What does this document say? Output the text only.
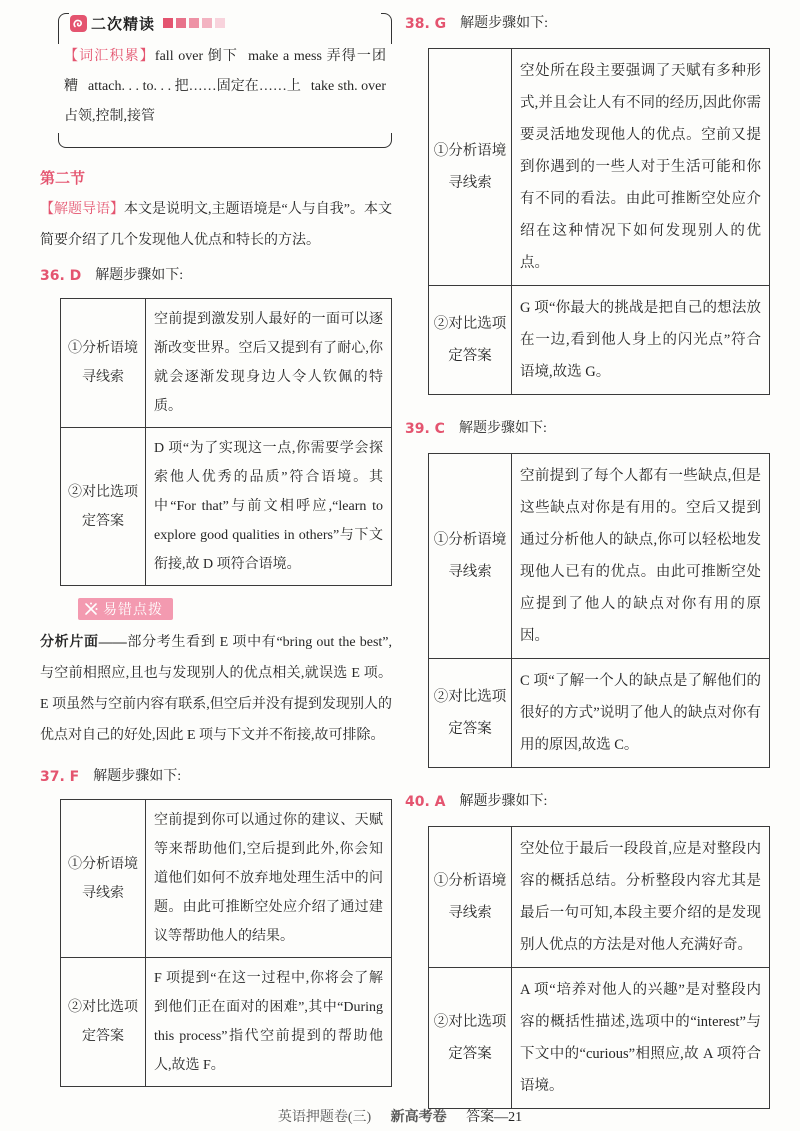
二次精读
【词汇积累】fall over 倒下 make a mess 弄得一团糟 attach. . . to. . . 把……固定在……上 take sth. over 占领,控制,接管
第二节
【解题导语】本文是说明文,主题语境是“人与自我”。本文简要介绍了几个发现他人优点和特长的方法。
36. D 解题步骤如下:
①分析语境
寻线索	空前提到激发别人最好的一面可以逐渐改变世界。空后又提到有了耐心,你就会逐渐发现身边人令人钦佩的特质。

②对比选项
定答案	D 项“为了实现这一点,你需要学会探索他人优秀的品质”符合语境。其中“For that”与前文相呼应,“learn to explore good qualities in others”与下文衔接,故 D 项符合语境。
易错点拨
分析片面——部分考生看到 E 项中有“bring out the best”,与空前相照应,且也与发现别人的优点相关,就误选 E 项。E 项虽然与空前内容有联系,但空后并没有提到发现别人的优点对自己的好处,因此 E 项与下文并不衔接,故可排除。
37. F 解题步骤如下:
①分析语境
寻线索	空前提到你可以通过你的建议、天赋等来帮助他们,空后提到此外,你会知道他们如何不放弃地处理生活中的问题。由此可推断空处应介绍了通过建议等帮助他人的结果。

②对比选项
定答案	F 项提到“在这一过程中,你将会了解到他们正在面对的困难”,其中“During this process”指代空前提到的帮助他人,故选 F。
38. G 解题步骤如下:
①分析语境
寻线索	空处所在段主要强调了天赋有多种形式,并且会让人有不同的经历,因此你需要灵活地发现他人的优点。空前又提到你遇到的一些人对于生活可能和你有不同的看法。由此可推断空处应介绍在这种情况下如何发现别人的优点。

②对比选项
定答案	G 项“你最大的挑战是把自己的想法放在一边,看到他人身上的闪光点”符合语境,故选 G。
39. C 解题步骤如下:
①分析语境
寻线索	空前提到了每个人都有一些缺点,但是这些缺点对你是有用的。空后又提到通过分析他人的缺点,你可以轻松地发现他人已有的优点。由此可推断空处应提到了他人的缺点对你有用的原因。

②对比选项
定答案	C 项“了解一个人的缺点是了解他们的很好的方式”说明了他人的缺点对你有用的原因,故选 C。
40. A 解题步骤如下:
①分析语境
寻线索	空处位于最后一段段首,应是对整段内容的概括总结。分析整段内容尤其是最后一句可知,本段主要介绍的是发现别人优点的方法是对他人充满好奇。

②对比选项
定答案	A 项“培养对他人的兴趣”是对整段内容的概括性描述,选项中的“interest”与下文中的“curious”相照应,故 A 项符合语境。
英语押题卷(三) 新高考卷 答案—21
